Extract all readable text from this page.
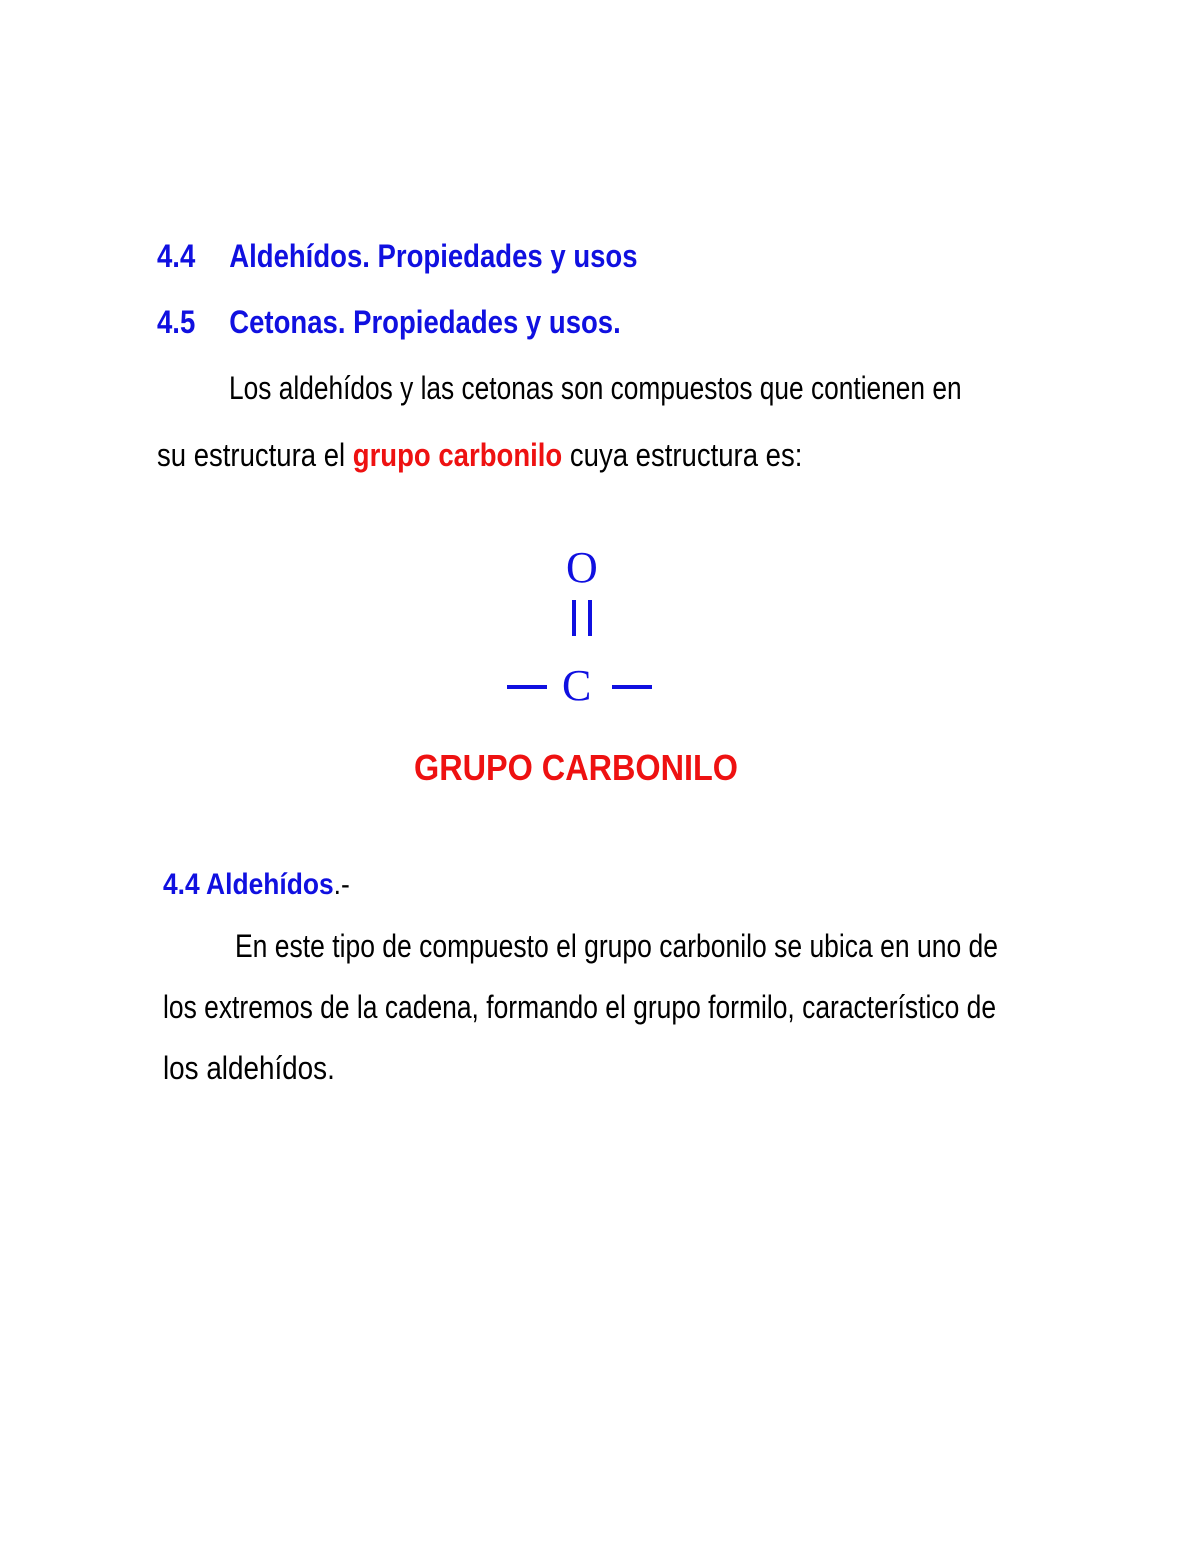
4.4 Aldehídos. Propiedades y usos
4.5 Cetonas. Propiedades y usos.
Los aldehídos y las cetonas son compuestos que contienen en
su estructura el grupo carbonilo cuya estructura es:
O
C
GRUPO CARBONILO
4.4 Aldehídos.-
En este tipo de compuesto el grupo carbonilo se ubica en uno de
los extremos de la cadena, formando el grupo formilo, característico de
los aldehídos.
